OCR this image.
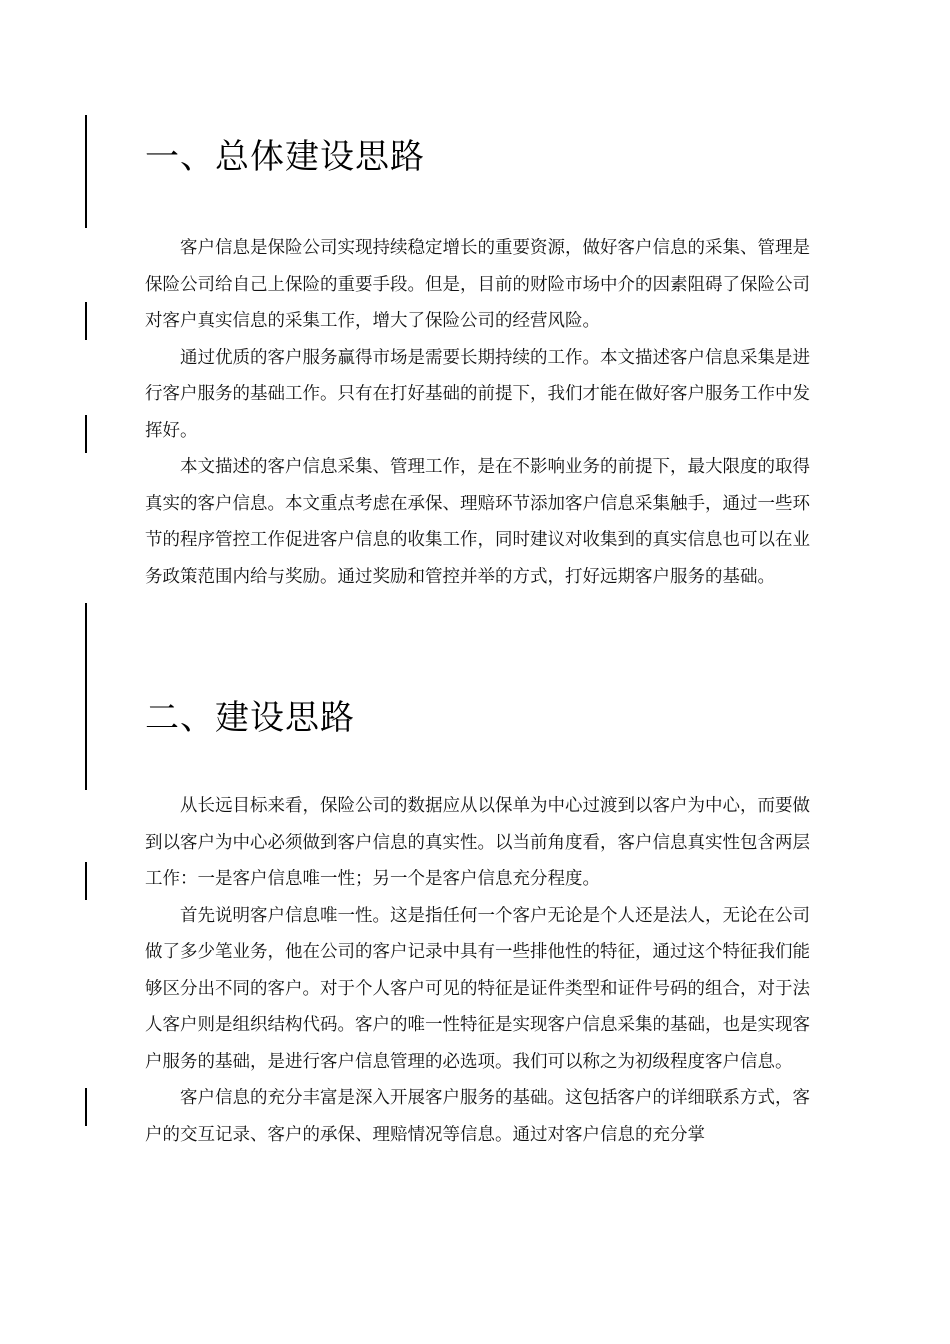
一、总体建设思路

客户信息是保险公司实现持续稳定增长的重要资源，做好客户信息的采集、管理是保险公司给自己上保险的重要手段。但是，目前的财险市场中介的因素阻碍了保险公司对客户真实信息的采集工作，增大了保险公司的经营风险。

通过优质的客户服务赢得市场是需要长期持续的工作。本文描述客户信息采集是进行客户服务的基础工作。只有在打好基础的前提下，我们才能在做好客户服务工作中发挥好。

本文描述的客户信息采集、管理工作，是在不影响业务的前提下，最大限度的取得真实的客户信息。本文重点考虑在承保、理赔环节添加客户信息采集触手，通过一些环节的程序管控工作促进客户信息的收集工作，同时建议对收集到的真实信息也可以在业务政策范围内给与奖励。通过奖励和管控并举的方式，打好远期客户服务的基础。

二、建设思路

从长远目标来看，保险公司的数据应从以保单为中心过渡到以客户为中心，而要做到以客户为中心必须做到客户信息的真实性。以当前角度看，客户信息真实性包含两层工作：一是客户信息唯一性；另一个是客户信息充分程度。

首先说明客户信息唯一性。这是指任何一个客户无论是个人还是法人，无论在公司做了多少笔业务，他在公司的客户记录中具有一些排他性的特征，通过这个特征我们能够区分出不同的客户。对于个人客户可见的特征是证件类型和证件号码的组合，对于法人客户则是组织结构代码。客户的唯一性特征是实现客户信息采集的基础，也是实现客户服务的基础，是进行客户信息管理的必选项。我们可以称之为初级程度客户信息。

客户信息的充分丰富是深入开展客户服务的基础。这包括客户的详细联系方式，客户的交互记录、客户的承保、理赔情况等信息。通过对客户信息的充分掌
